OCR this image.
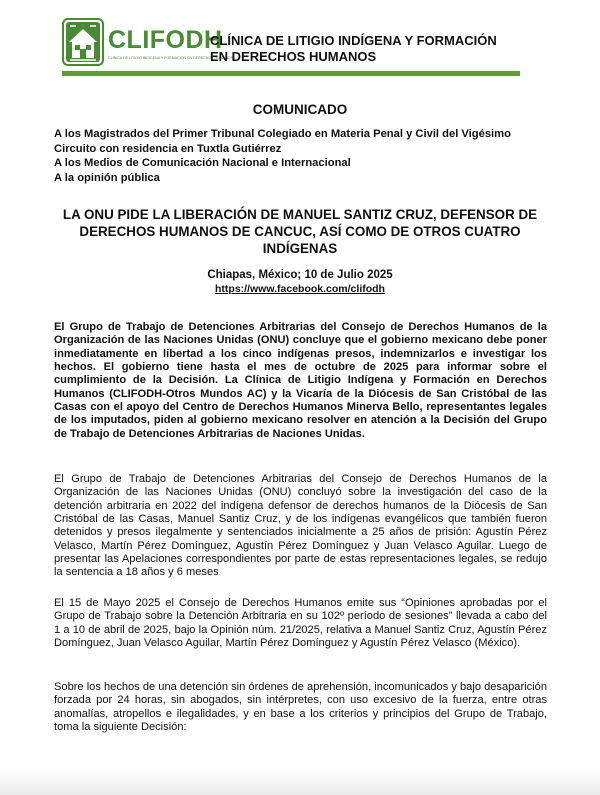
CLIFODH
CLÍNICA DE LITIGIO INDÍGENA Y FORMACIÓN EN DERECHOS HUMANOS
CLÍNICA DE LITIGIO INDÍGENA Y FORMACIÓN
EN DERECHOS HUMANOS
COMUNICADO
A los Magistrados del Primer Tribunal Colegiado en Materia Penal y Civil del Vigésimo Circuito con residencia en Tuxtla Gutiérrez
A los Medios de Comunicación Nacional e Internacional
A la opinión pública
LA ONU PIDE LA LIBERACIÓN DE MANUEL SANTIZ CRUZ, DEFENSOR DE DERECHOS HUMANOS DE CANCUC, ASÍ COMO DE OTROS CUATRO INDÍGENAS
Chiapas, México; 10 de Julio 2025
https://www.facebook.com/clifodh
El Grupo de Trabajo de Detenciones Arbitrarias del Consejo de Derechos Humanos de la Organización de las Naciones Unidas (ONU) concluye que el gobierno mexicano debe poner inmediatamente en libertad a los cinco indígenas presos, indemnizarlos e investigar los hechos. El gobierno tiene hasta el mes de octubre de 2025 para informar sobre el cumplimiento de la Decisión. La Clínica de Litigio Indígena y Formación en Derechos Humanos (CLIFODH-Otros Mundos AC) y la Vicaría de la Diócesis de San Cristóbal de las Casas con el apoyo del Centro de Derechos Humanos Minerva Bello, representantes legales de los imputados, piden al gobierno mexicano resolver en atención a la Decisión del Grupo de Trabajo de Detenciones Arbitrarias de Naciones Unidas.
El Grupo de Trabajo de Detenciones Arbitrarias del Consejo de Derechos Humanos de la Organización de las Naciones Unidas (ONU) concluyó sobre la investigación del caso de la detención arbitraria en 2022 del indígena defensor de derechos humanos de la Diócesis de San Cristóbal de las Casas, Manuel Santiz Cruz, y de los indígenas evangélicos que también fueron detenidos y presos ilegalmente y sentenciados inicialmente a 25 años de prisión: Agustín Pérez Velasco, Martín Pérez Domínguez, Agustín Pérez Domínguez y Juan Velasco Aguilar. Luego de presentar las Apelaciones correspondientes por parte de estas representaciones legales, se redujo la sentencia a 18 años y 6 meses
El 15 de Mayo 2025 el Consejo de Derechos Humanos emite sus “Opiniones aprobadas por el Grupo de Trabajo sobre la Detención Arbitraria en su 102º período de sesiones” llevada a cabo del 1 a 10 de abril de 2025, bajo la Opinión núm. 21/2025, relativa a Manuel Santiz Cruz, Agustín Pérez Domínguez, Juan Velasco Aguilar, Martín Pérez Domínguez y Agustín Pérez Velasco (México).
Sobre los hechos de una detención sin órdenes de aprehensión, incomunicados y bajo desaparición forzada por 24 horas, sin abogados, sin intérpretes, con uso excesivo de la fuerza, entre otras anomalías, atropellos e ilegalidades, y en base a los criterios y principios del Grupo de Trabajo, toma la siguiente Decisión:
